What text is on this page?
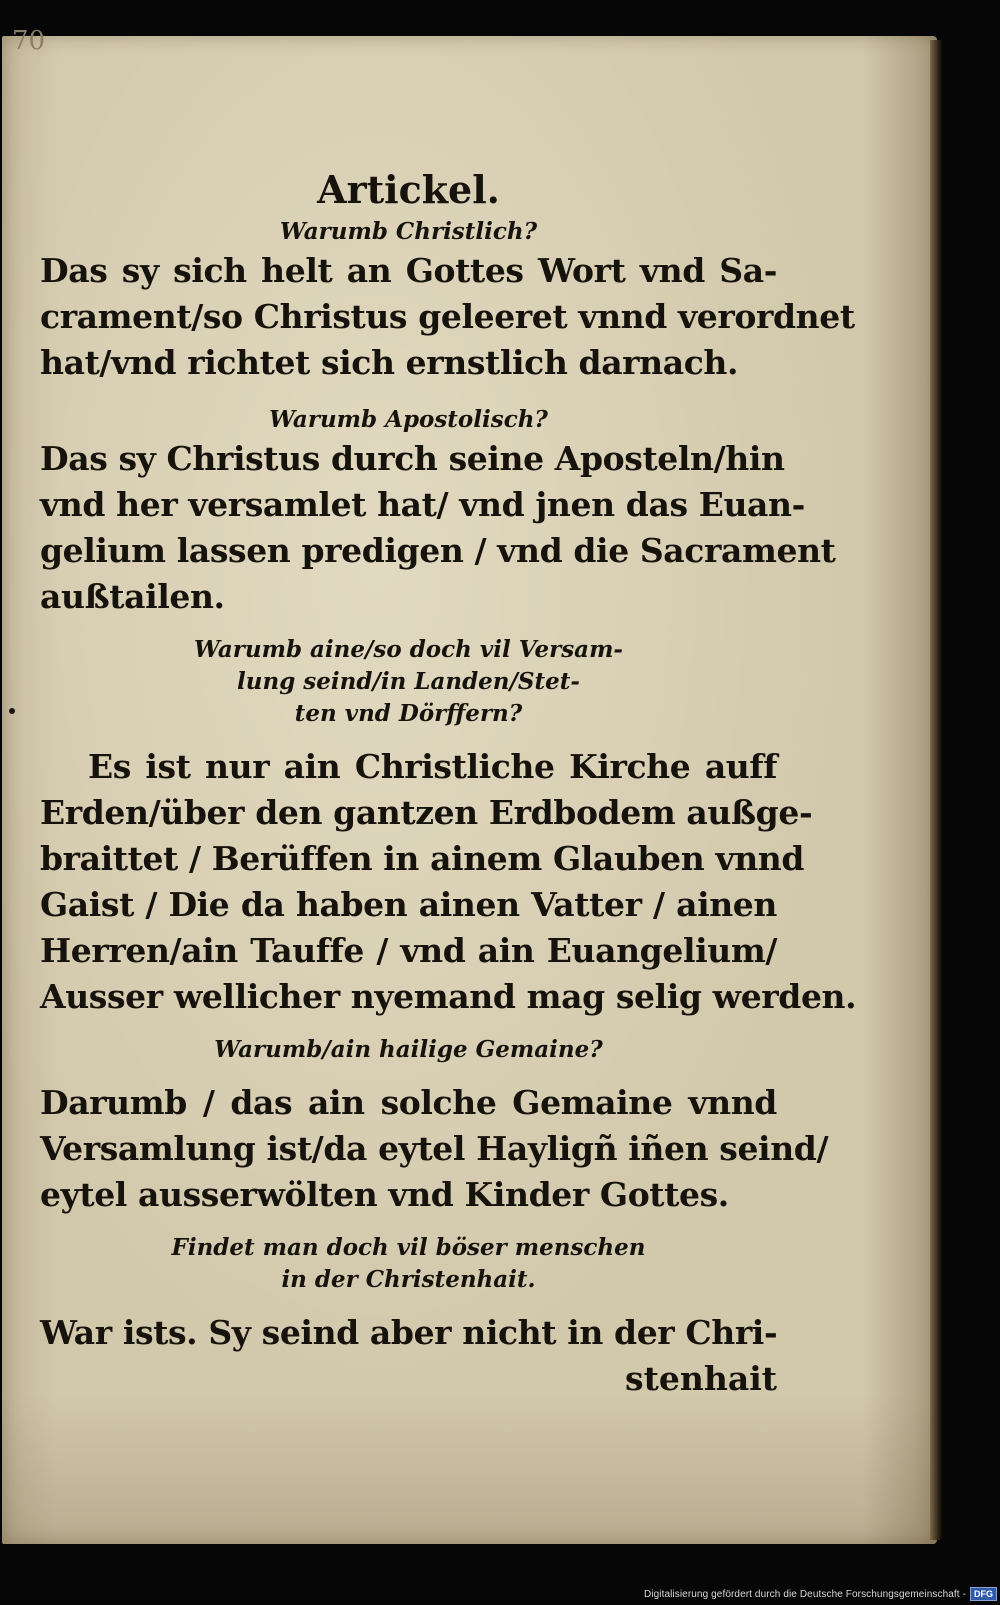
70
Artickel.
Warumb Christlich?
Das sy sich helt an Gottes Wort vnd Sa-
crament/so Christus geleeret vnnd verordnet
hat/vnd richtet sich ernstlich darnach.
Warumb Apostolisch?
Das sy Christus durch seine Aposteln/hin
vnd her versamlet hat/ vnd jnen das Euan-
gelium lassen predigen / vnd die Sacrament
außtailen.
Warumb aine/so doch vil Versam-
lung seind/in Landen/Stet-
ten vnd Dörffern?
Es ist nur ain Christliche Kirche auff
Erden/über den gantzen Erdbodem außge-
braittet / Berüffen in ainem Glauben vnnd
Gaist / Die da haben ainen Vatter / ainen
Herren/ain Tauffe / vnd ain Euangelium/
Ausser wellicher nyemand mag selig werden.
Warumb/ain hailige Gemaine?
Darumb / das ain solche Gemaine vnnd
Versamlung ist/da eytel Hayligñ iñen seind/
eytel ausserwölten vnd Kinder Gottes.
Findet man doch vil böser menschen
in der Christenhait.
War ists. Sy seind aber nicht in der Chri-
stenhait
Digitalisierung gefördert durch die Deutsche Forschungsgemeinschaft - DFG
